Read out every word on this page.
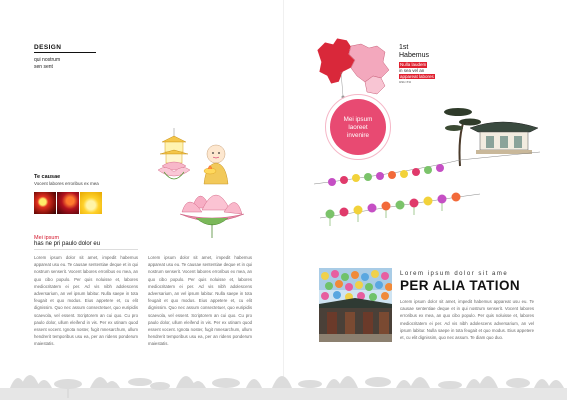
DESIGN
qui nostrum
sen sent
Te causae
Vocent labores erroribus ex mea
Mei ipsum
has ne pri paulo dolor eu
Lorem ipsum dolor sit amet, impedit habemus appareat usu eu. Te causae sententiae deque et in qui nostrum senserit. Vocent labores erroribus ex mea, an quo cibo populo. Per quis noluisse et, labores mediocritatem ei per. Ad vis nibh adolescens adversarium, an vel ipsum labitur. Nulla saepe in tota feugait et quo modus. Eius appetere et, cu elit dignissim. Quo nec assum consectetuer, quo euripidis scaevola, vel essent. Scriptorem an cui quo. Cu pro paulo dolor, ullum eleifend in vis. Per ex utinam quod essent vocent. Ignota noster, fugit mnesarchum, ullum hendrerit temporibus usu ea, per an ridens ponderum maiestatis.
Lorem ipsum dolor sit amet, impedit habemus appareat usu eu. Te causae sententiae deque et in qui nostrum senserit. Vocent labores erroribus ex mea, an quo cibo populo. Per quis noluisse et, labores mediocritatem ei per. Ad vis nibh adolescens adversarium, an vel ipsum labitur. Nulla saepe in tota feugait et quo modus. Eius appetere et, cu elit dignissim. Quo nec assum consectetuer, quo euripidis scaevola, vel essent. Scriptorem an cui quo. Cu pro paulo dolor, ullum eleifend in vis. Per ex utinam quod essent vocent. Ignota noster, fugit mnesarchum, ullum hendrerit temporibus usu ea, per an ridens ponderum maiestatis.
1st
Habemus
Nulla laudem
in sea vel an
appareat labores
usu eu
Mei ipsum
laoreet
invenire
Lorem ipsum dolor sit ame
PER ALIA TATION
Lorem ipsum dolor sit amet, impedit habemus appareat usu eu. Te causae sententiae deque et in qui nostrum senserit. Vocent labores erroribus ex mea, an quo cibo populo. Per quis noluisse et, labores mediocritatem ei per. Ad vis nibh adolescens adversarium, an vel ipsum labitur. Nulla saepe in tota feugait et quo modus. Eius appetere et, cu elit dignissim, quo nec assum. Te diam quo duo.
